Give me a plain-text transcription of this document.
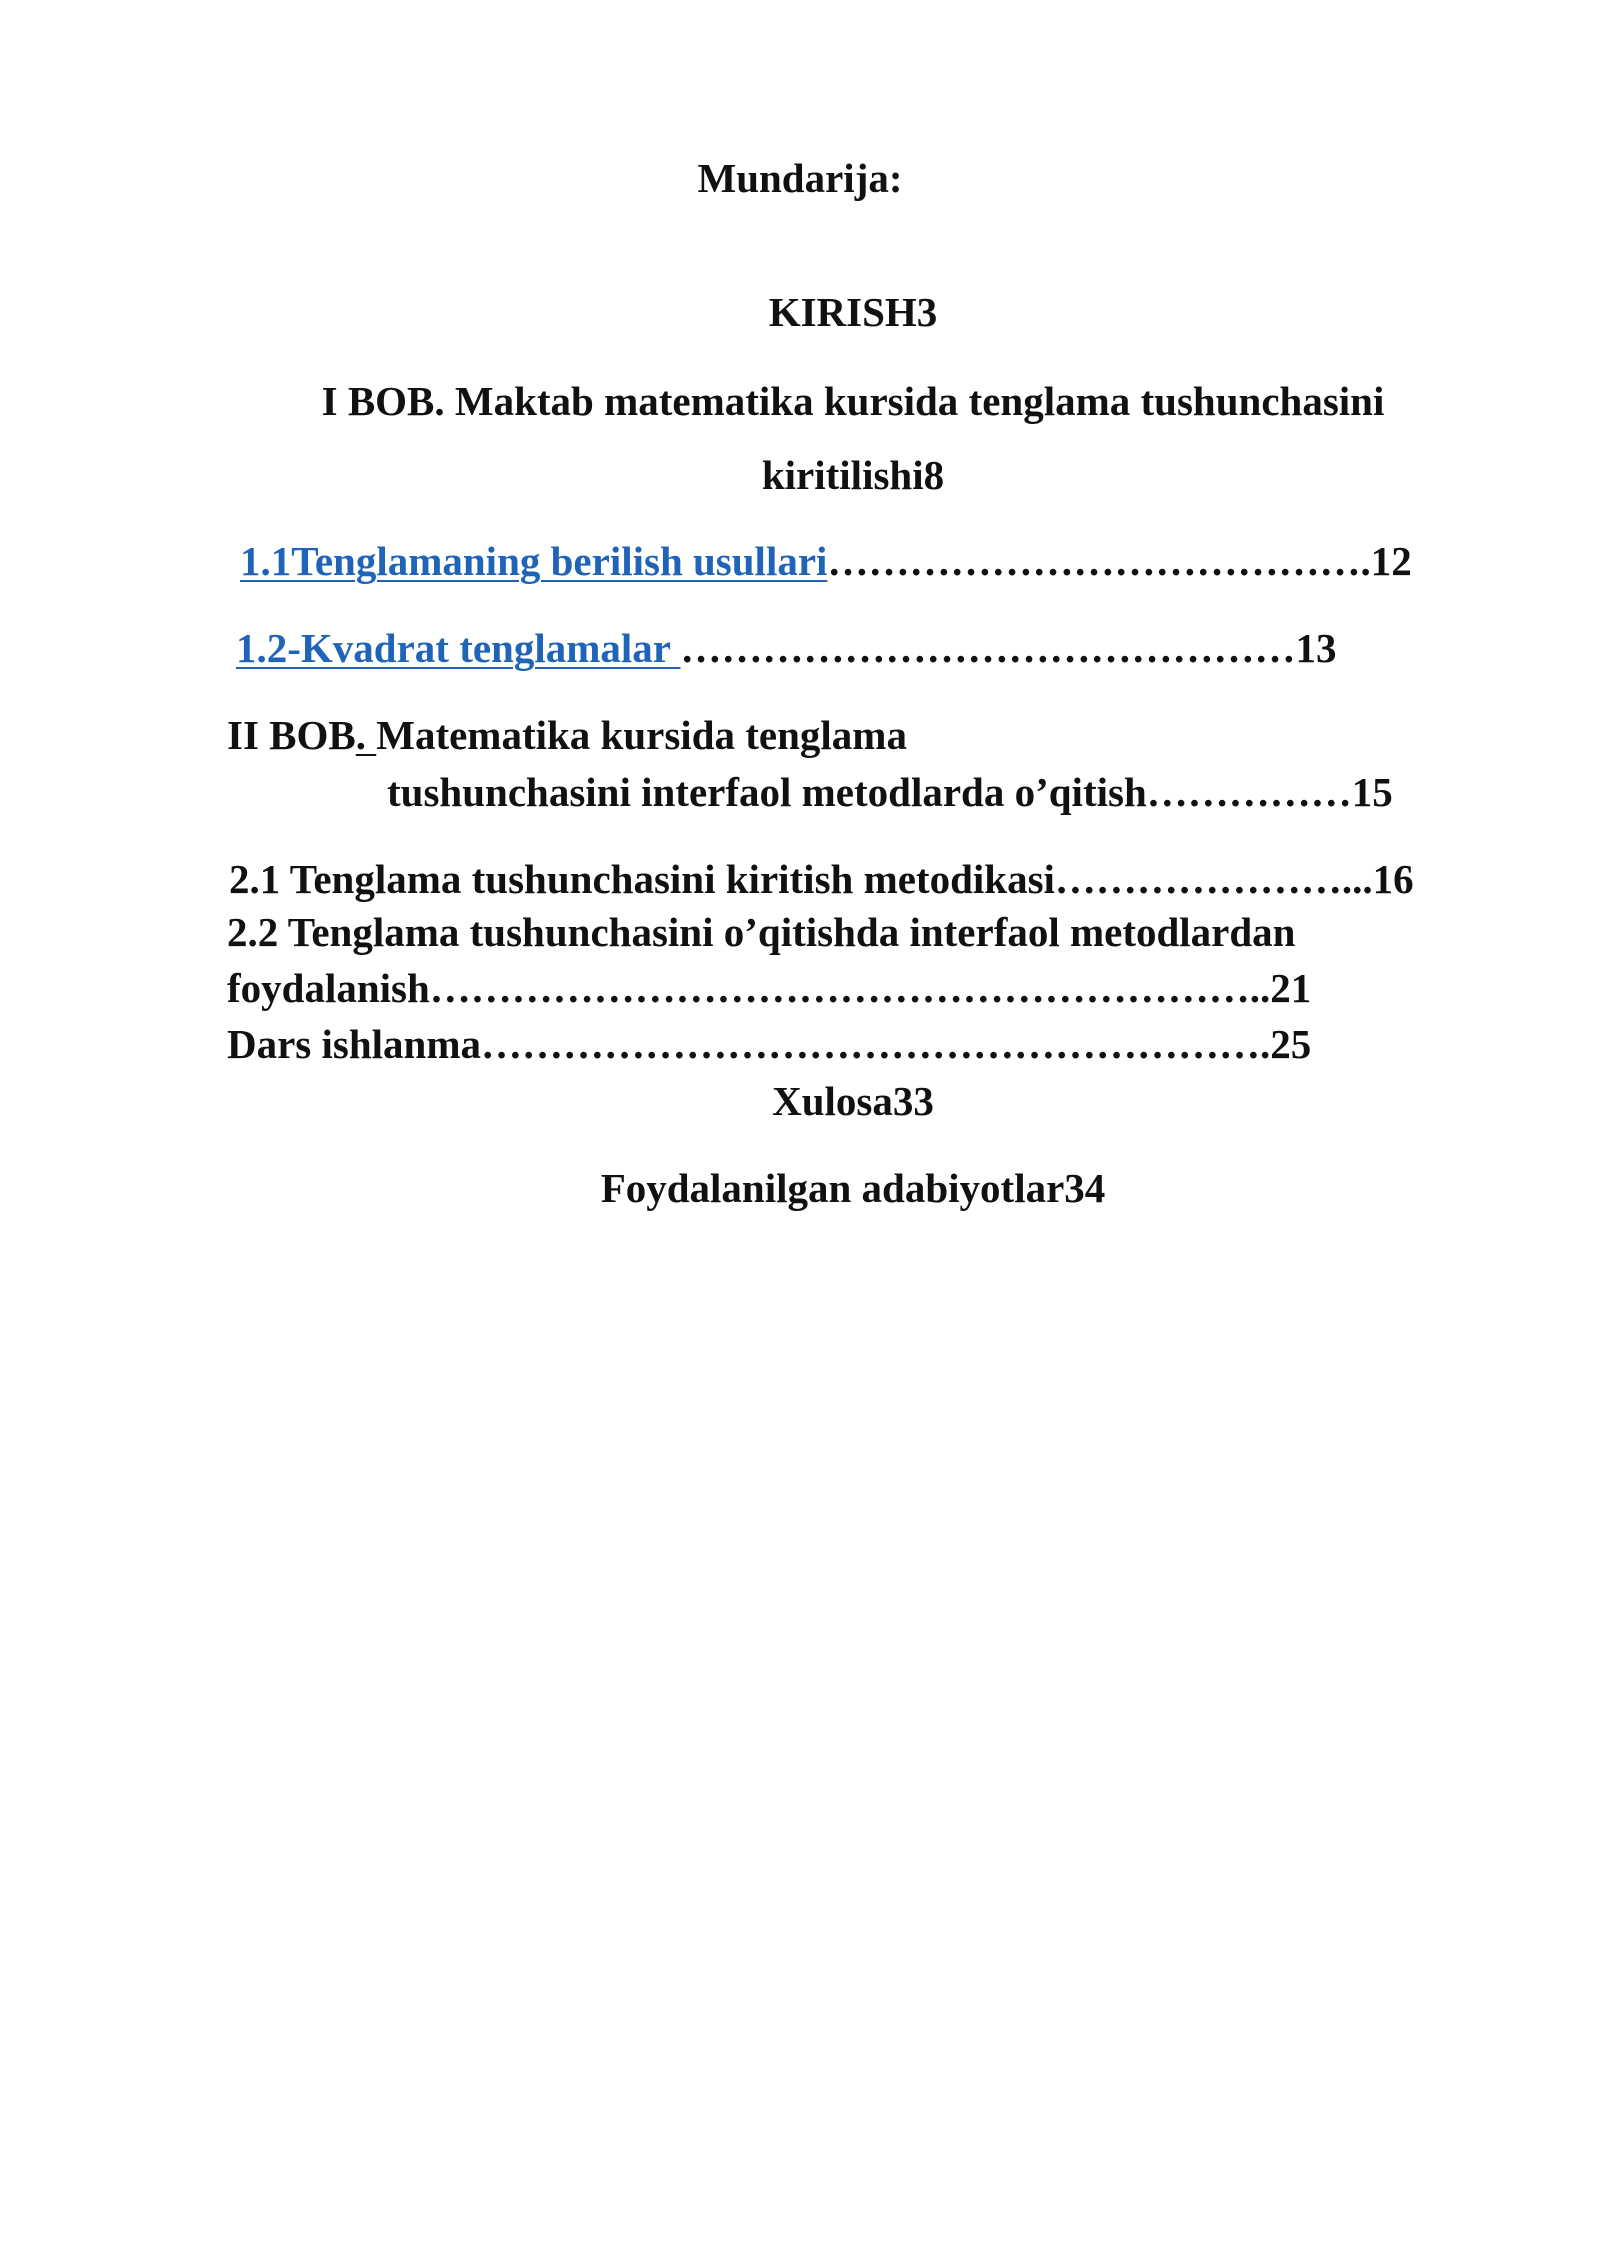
Mundarija:
KIRISH3
I BOB. Maktab matematika kursida tenglama tushunchasini
kiritilishi8
1.1Tenglamaning berilish usullari………………………………….12
1.2-Kvadrat tenglamalar ………………………………………13
II BOB. Matematika kursida tenglama
tushunchasini interfaol metodlarda o’qitish……………15
2.1 Tenglama tushunchasini kiritish metodikasi…………………...16
2.2 Tenglama tushunchasini o’qitishda interfaol metodlardan
foydalanish……………………………………………………..21
Dars ishlanma………………………………………………….25
Xulosa33
Foydalanilgan adabiyotlar34
